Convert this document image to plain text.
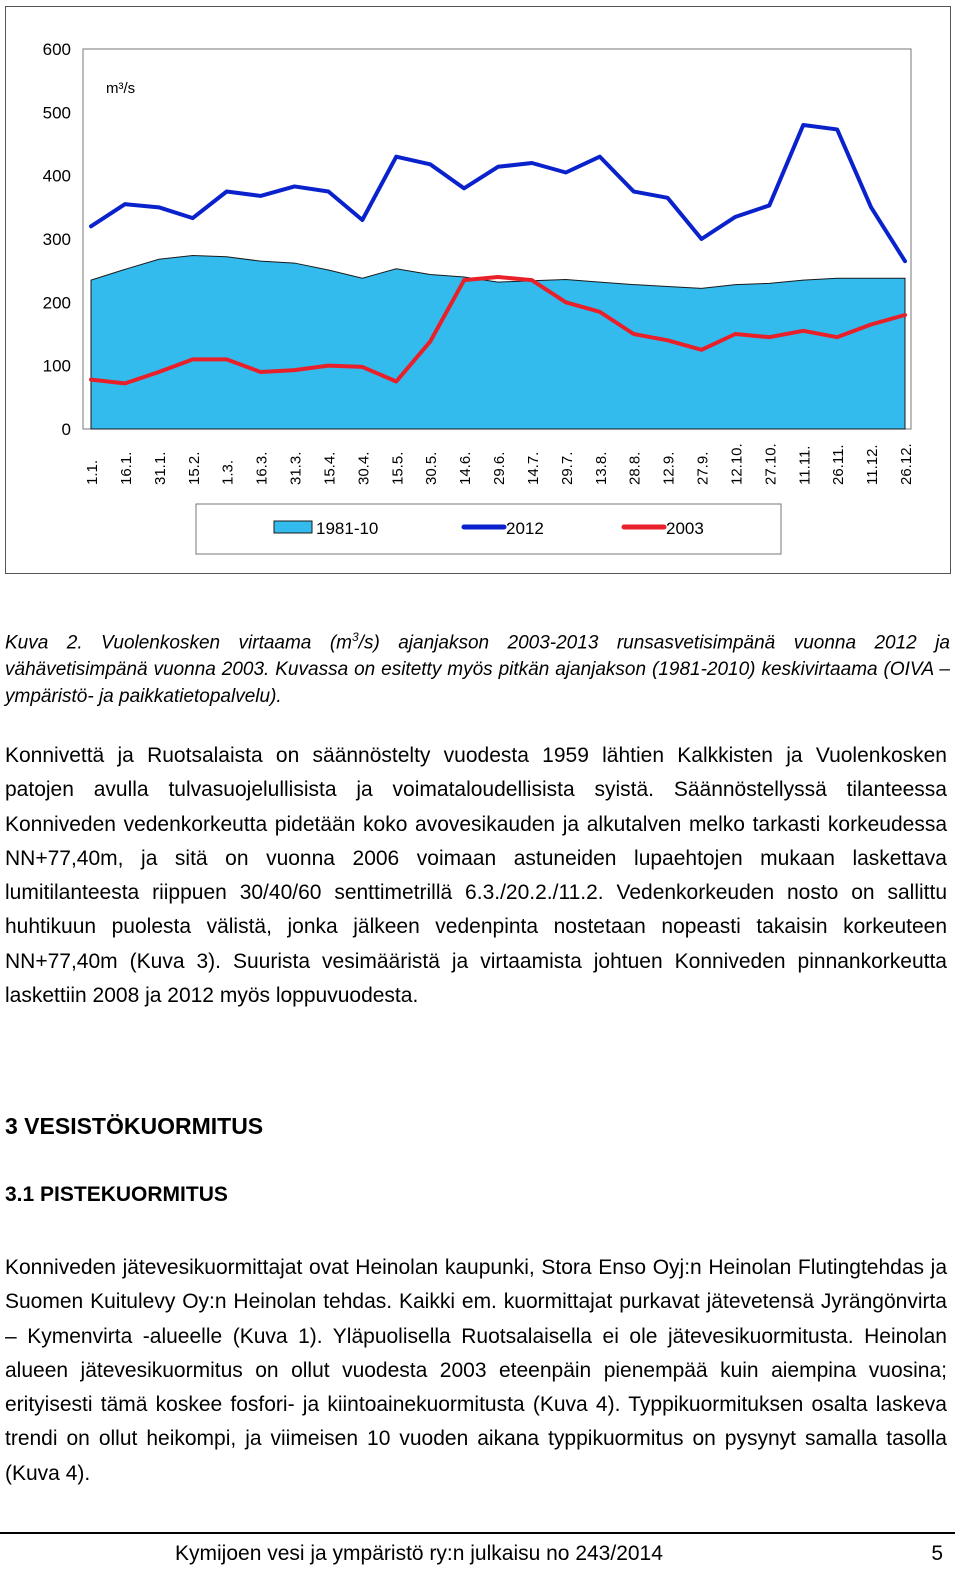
600
500
400
300
200
100
0
m³/s
1.1. 16.1. 31.1. 15.2. 1.3. 16.3. 31.3. 15.4. 30.4. 15.5. 30.5. 14.6. 29.6. 14.7. 29.7. 13.8. 28.8. 12.9. 27.9. 12.10. 27.10. 11.11. 26.11. 11.12. 26.12.
1981-10	2012	2003
Kuva 2. Vuolenkosken virtaama $(m^3/s)$ ajanjakson 2003-2013 runsasvetisimpänä vuonna 2012 ja vähävetisimpänä vuonna 2003. Kuvassa on esitetty myös pitkän ajanjakson (1981-2010) keskivirtaama (OIVA – ympäristö- ja paikkatietopalvelu).
Konnivettä ja Ruotsalaista on säännöstelty vuodesta 1959 lähtien Kalkkisten ja Vuolenkosken patojen avulla tulvasuojelullisista ja voimataloudellisista syistä. Säännöstellyssä tilanteessa Konniveden vedenkorkeutta pidetään koko avovesikauden ja alkutalven melko tarkasti korkeudessa NN+77,40m, ja sitä on vuonna 2006 voimaan astuneiden lupaehtojen mukaan laskettava lumitilanteesta riippuen 30/40/60 senttimetrillä 6.3./20.2./11.2. Vedenkorkeuden nosto on sallittu huhtikuun puolesta välistä, jonka jälkeen vedenpinta nostetaan nopeasti takaisin korkeuteen NN+77,40m (Kuva 3). Suurista vesimääristä ja virtaamista johtuen Konniveden pinnankorkeutta laskettiin 2008 ja 2012 myös loppuvuodesta.
3 VESISTÖKUORMITUS
3.1 PISTEKUORMITUS
Konniveden jätevesikuormittajat ovat Heinolan kaupunki, Stora Enso Oyj:n Heinolan Flutingtehdas ja Suomen Kuitulevy Oy:n Heinolan tehdas. Kaikki em. kuormittajat purkavat jätevetensä Jyrängönvirta – Kymenvirta -alueelle (Kuva 1). Yläpuolisella Ruotsalaisella ei ole jätevesikuormitusta. Heinolan alueen jätevesikuormitus on ollut vuodesta 2003 eteenpäin pienempää kuin aiempina vuosina; erityisesti tämä koskee fosfori- ja kiintoainekuormitusta (Kuva 4). Typpikuormituksen osalta laskeva trendi on ollut heikompi, ja viimeisen 10 vuoden aikana typpikuormitus on pysynyt samalla tasolla (Kuva 4).
Kymijoen vesi ja ympäristö ry:n julkaisu no 243/2014	5
